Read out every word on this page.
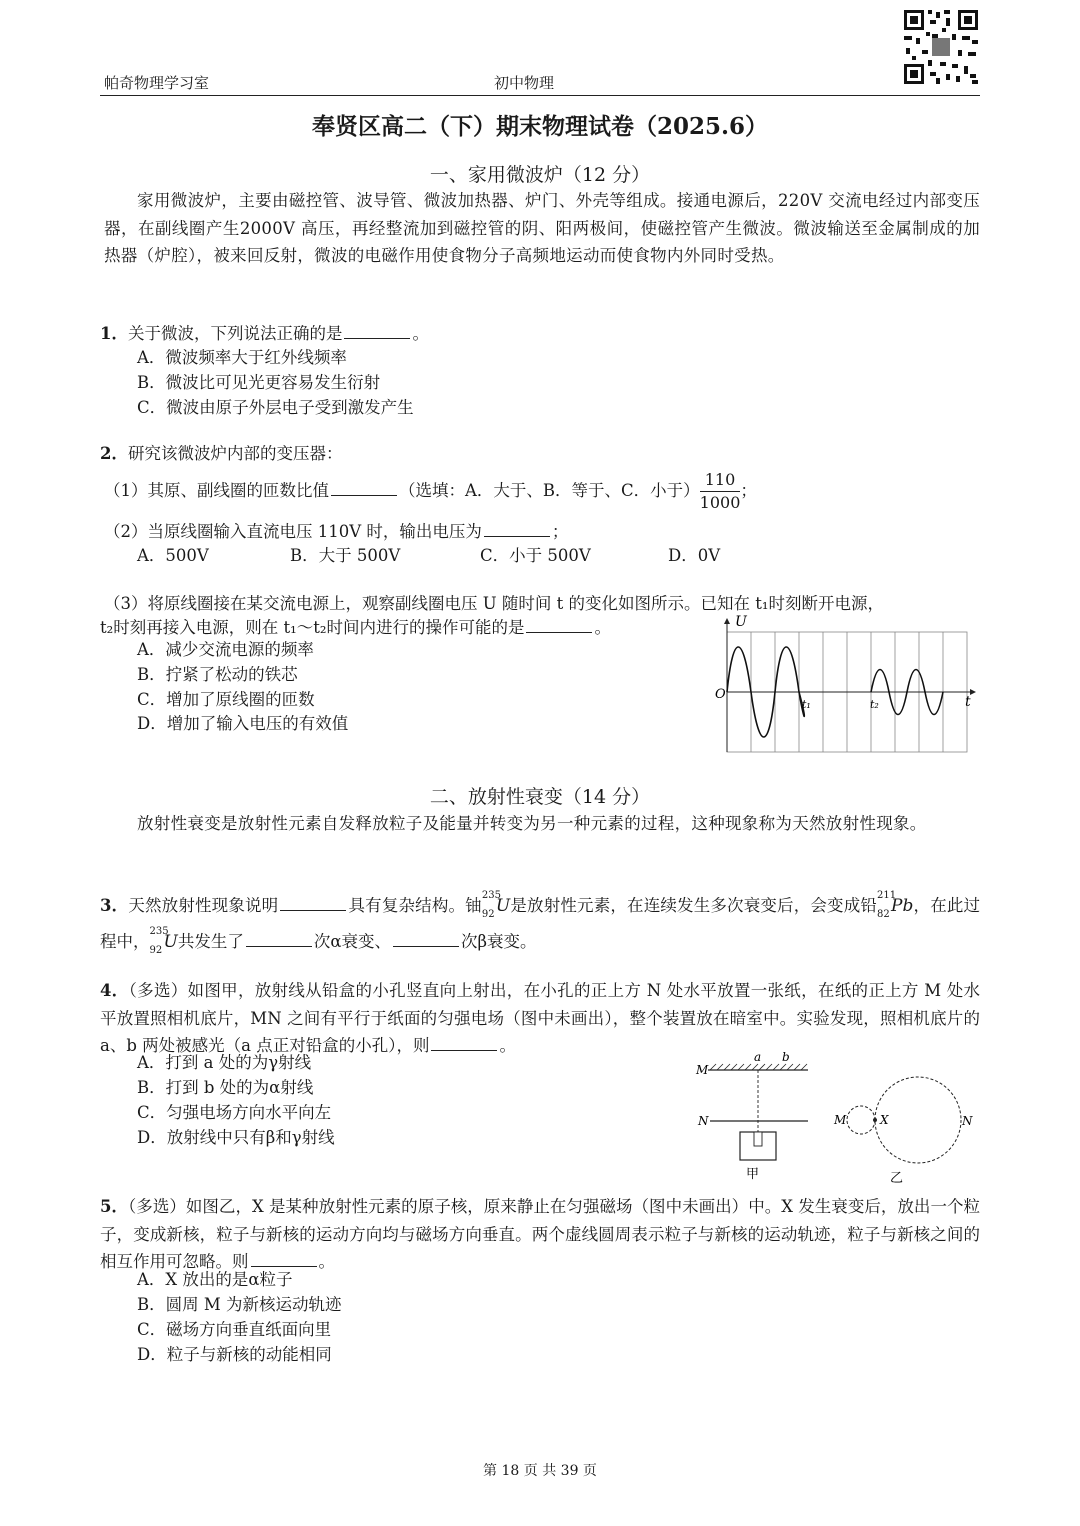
帕奇物理学习室	初中物理
奉贤区高二（下）期末物理试卷（2025.6）
一、家用微波炉（12 分）
家用微波炉，主要由磁控管、波导管、微波加热器、炉门、外壳等组成。接通电源后，220V 交流电经过内部变压器，在副线圈产生2000V 高压，再经整流加到磁控管的阴、阳两极间，使磁控管产生微波。微波输送至金属制成的加热器（炉腔），被来回反射，微波的电磁作用使食物分子高频地运动而使食物内外同时受热。
1．关于微波，下列说法正确的是	。
A．微波频率大于红外线频率
B．微波比可见光更容易发生衍射
C．微波由原子外层电子受到激发产生
2．研究该微波炉内部的变压器：
（1）其原、副线圈的匝数比值	（选填：A．大于、B．等于、C．小于） $\frac{110}{1000}$；
（2）当原线圈输入直流电压 110V 时，输出电压为	；
A．500V	B．大于 500V	C．小于 500V	D．0V
（3）将原线圈接在某交流电源上，观察副线圈电压 U 随时间 t 的变化如图所示。已知在 t₁时刻断开电源，
t₂时刻再接入电源，则在 t₁～t₂时间内进行的操作可能的是	。
A．减少交流电源的频率
B．拧紧了松动的铁芯
C．增加了原线圈的匝数
D．增加了输入电压的有效值
U
O	t
t₁	t₂
二、放射性衰变（14 分）
放射性衰变是放射性元素自发释放粒子及能量并转变为另一种元素的过程，这种现象称为天然放射性现象。
3．天然放射性现象说明	具有复杂结构。铀
235
92 U是放射性元素，在连续发生多次衰变后，会变成铅
211
82 Pb，在此过程中，
235
92 U共发生了	次α衰变、	次β衰变。
4．（多选）如图甲，放射线从铅盒的小孔竖直向上射出，在小孔的正上方 N 处水平放置一张纸，在纸的正上方 M 处水平放置照相机底片，MN 之间有平行于纸面的匀强电场（图中未画出），整个装置放在暗室中。实验发现，照相机底片的 a、b 两处被感光（a 点正对铅盒的小孔），则	。
A．打到 a 处的为γ射线
B．打到 b 处的为α射线
C．匀强电场方向水平向左
D．放射线中只有β和γ射线
M
N
a b
甲
M	X	N
乙
5．（多选）如图乙，X 是某种放射性元素的原子核，原来静止在匀强磁场（图中未画出）中。X 发生衰变后，放出一个粒子，变成新核，粒子与新核的运动方向均与磁场方向垂直。两个虚线圆周表示粒子与新核的运动轨迹，粒子与新核之间的相互作用可忽略。则	。
A．X 放出的是α粒子
B．圆周 M 为新核运动轨迹
C．磁场方向垂直纸面向里
D．粒子与新核的动能相同
第 18 页 共 39 页
